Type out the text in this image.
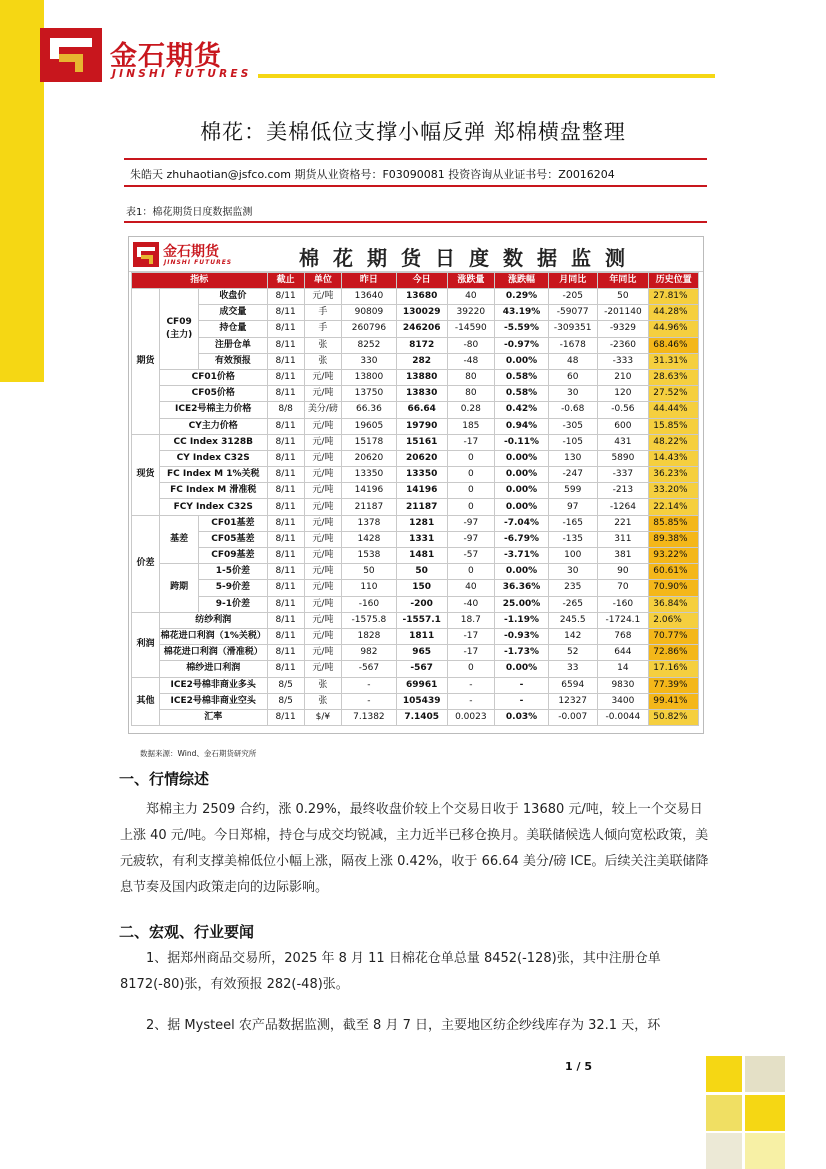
金石期货
JINSHI FUTURES
棉花：美棉低位支撑小幅反弹 郑棉横盘整理
朱皓天 zhuhaotian@jsfco.com 期货从业资格号：F03090081 投资咨询从业证书号：Z0016204
表1：棉花期货日度数据监测
金石期货
JINSHI FUTURES	棉花期货日度数据监测
指标			截止	单位	昨日	今日	涨跌量	涨跌幅	月同比	年同比	历史位置
期货	CF09
(主力)	收盘价	8/11	元/吨	13640	13680	40	0.29%	-205	50	27.81%
		成交量	8/11	手	90809	130029	39220	43.19%	-59077	-201140	44.28%
		持仓量	8/11	手	260796	246206	-14590	-5.59%	-309351	-9329	44.96%
		注册仓单	8/11	张	8252	8172	-80	-0.97%	-1678	-2360	68.46%
		有效预报	8/11	张	330	282	-48	0.00%	48	-333	31.31%
	CF01价格		8/11	元/吨	13800	13880	80	0.58%	60	210	28.63%
	CF05价格		8/11	元/吨	13750	13830	80	0.58%	30	120	27.52%
	ICE2号棉主力价格		8/8	美分/磅	66.36	66.64	0.28	0.42%	-0.68	-0.56	44.44%
	CY主力价格		8/11	元/吨	19605	19790	185	0.94%	-305	600	15.85%
现货	CC Index 3128B		8/11	元/吨	15178	15161	-17	-0.11%	-105	431	48.22%
	CY Index C32S		8/11	元/吨	20620	20620	0	0.00%	130	5890	14.43%
	FC Index M 1%关税		8/11	元/吨	13350	13350	0	0.00%	-247	-337	36.23%
	FC Index M 滑准税		8/11	元/吨	14196	14196	0	0.00%	599	-213	33.20%
	FCY Index C32S		8/11	元/吨	21187	21187	0	0.00%	97	-1264	22.14%
价差	基差	CF01基差	8/11	元/吨	1378	1281	-97	-7.04%	-165	221	85.85%
		CF05基差	8/11	元/吨	1428	1331	-97	-6.79%	-135	311	89.38%
		CF09基差	8/11	元/吨	1538	1481	-57	-3.71%	100	381	93.22%
	跨期	1-5价差	8/11	元/吨	50	50	0	0.00%	30	90	60.61%
		5-9价差	8/11	元/吨	110	150	40	36.36%	235	70	70.90%
		9-1价差	8/11	元/吨	-160	-200	-40	25.00%	-265	-160	36.84%
利润	纺纱利润		8/11	元/吨	-1575.8	-1557.1	18.7	-1.19%	245.5	-1724.1	2.06%
	棉花进口利润（1%关税）		8/11	元/吨	1828	1811	-17	-0.93%	142	768	70.77%
	棉花进口利润（滑准税）		8/11	元/吨	982	965	-17	-1.73%	52	644	72.86%
	棉纱进口利润		8/11	元/吨	-567	-567	0	0.00%	33	14	17.16%
其他	ICE2号棉非商业多头		8/5	张	-	69961	-	-	6594	9830	77.39%
	ICE2号棉非商业空头		8/5	张	-	105439	-	-	12327	3400	99.41%
	汇率		8/11	$/¥	7.1382	7.1405	0.0023	0.03%	-0.007	-0.0044	50.82%
数据来源：Wind、金石期货研究所
一、行情综述
郑棉主力 2509 合约，涨 0.29%，最终收盘价较上个交易日收于 13680 元/吨，较上一个交易日上涨 40 元/吨。今日郑棉，持仓与成交均锐减，主力近半已移仓换月。美联储候选人倾向宽松政策，美元疲软，有利支撑美棉低位小幅上涨，隔夜上涨 0.42%，收于 66.64 美分/磅 ICE。后续关注美联储降息节奏及国内政策走向的边际影响。
二、宏观、行业要闻
1、据郑州商品交易所，2025 年 8 月 11 日棉花仓单总量 8452(-128)张，其中注册仓单 8172(-80)张，有效预报 282(-48)张。
2、据 Mysteel 农产品数据监测，截至 8 月 7 日，主要地区纺企纱线库存为 32.1 天，环
1 / 5
